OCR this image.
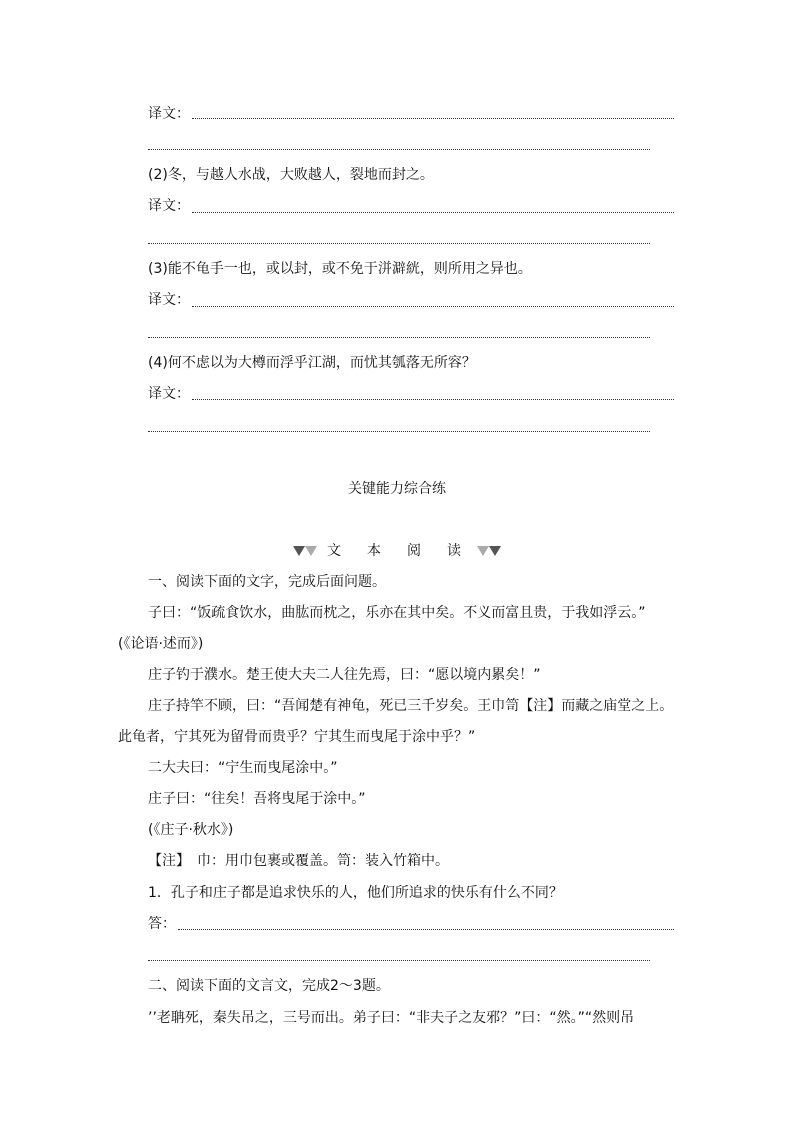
译文：
(2)冬，与越人水战，大败越人，裂地而封之。
译文：
(3)能不龟手一也，或以封，或不免于洴澼絖，则所用之异也。
译文：
(4)何不虑以为大樽而浮乎江湖，而忧其瓠落无所容？
译文：
关键能力综合练
文　本　阅　读
一、阅读下面的文字，完成后面问题。
子曰：“饭疏食饮水，曲肱而枕之，乐亦在其中矣。不义而富且贵，于我如浮云。”
(《论语·述而》)
庄子钓于濮水。楚王使大夫二人往先焉，曰：“愿以境内累矣！”
庄子持竿不顾，曰：“吾闻楚有神龟，死已三千岁矣。王巾笥【注】而藏之庙堂之上。
此龟者，宁其死为留骨而贵乎？宁其生而曳尾于涂中乎？”
二大夫曰：“宁生而曳尾涂中。”
庄子曰：“往矣！吾将曳尾于涂中。”
(《庄子·秋水》)
【注】　巾：用巾包裹或覆盖。笥：装入竹箱中。
1．孔子和庄子都是追求快乐的人，他们所追求的快乐有什么不同？
答：
二、阅读下面的文言文，完成2～3题。
’’老聃死，秦失吊之，三号而出。弟子曰：“非夫子之友邪？”曰：“然。”“然则吊
